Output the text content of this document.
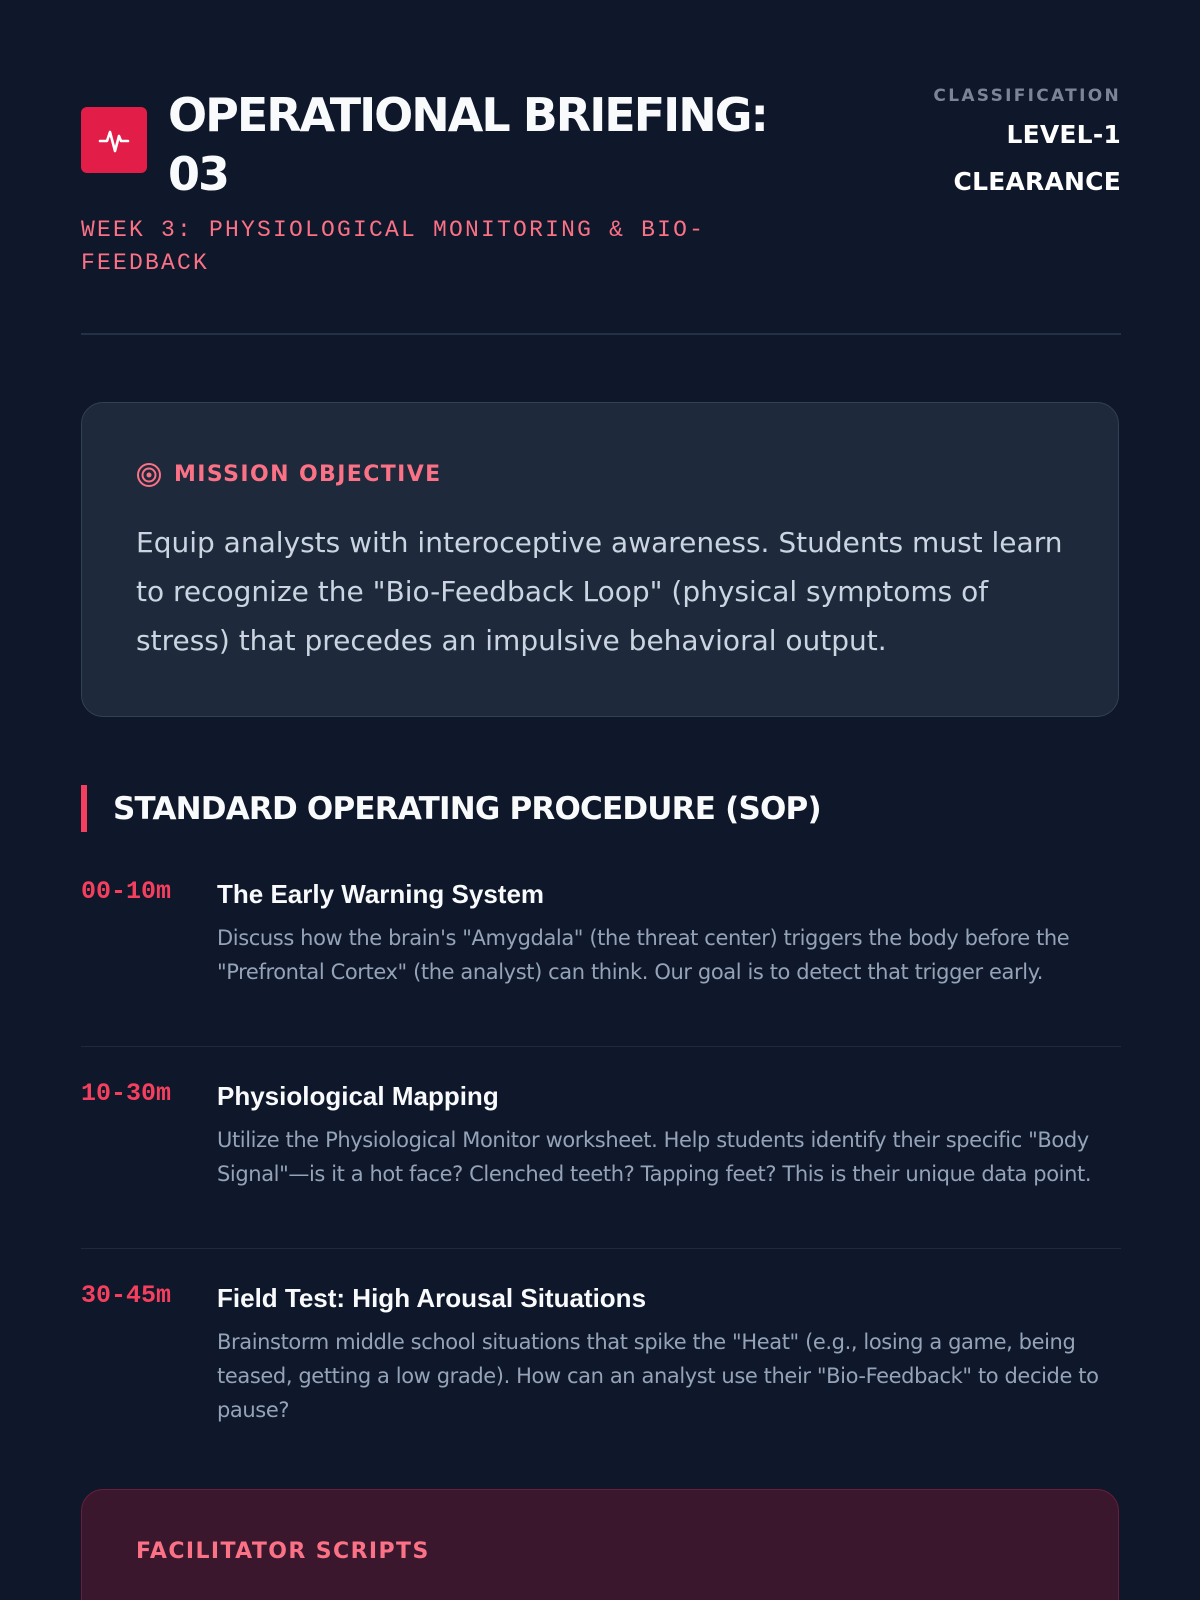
OPERATIONAL BRIEFING: 03
WEEK 3: PHYSIOLOGICAL MONITORING & BIO-FEEDBACK
CLASSIFICATION
LEVEL-1 CLEARANCE
MISSION OBJECTIVE

Equip analysts with interoceptive awareness. Students must learn to recognize the "Bio-Feedback Loop" (physical symptoms of stress) that precedes an impulsive behavioral output.

STANDARD OPERATING PROCEDURE (SOP)
00-10m The Early Warning System

Discuss how the brain's "Amygdala" (the threat center) triggers the body before the "Prefrontal Cortex" (the analyst) can think. Our goal is to detect that trigger early.

10-30m Physiological Mapping

Utilize the Physiological Monitor worksheet. Help students identify their specific "Body Signal"—is it a hot face? Clenched teeth? Tapping feet? This is their unique data point.

30-45m Field Test: High Arousal Situations

Brainstorm middle school situations that spike the "Heat" (e.g., losing a game, being teased, getting a low grade). How can an analyst use their "Bio-Feedback" to decide to pause?

FACILITATOR SCRIPTS
